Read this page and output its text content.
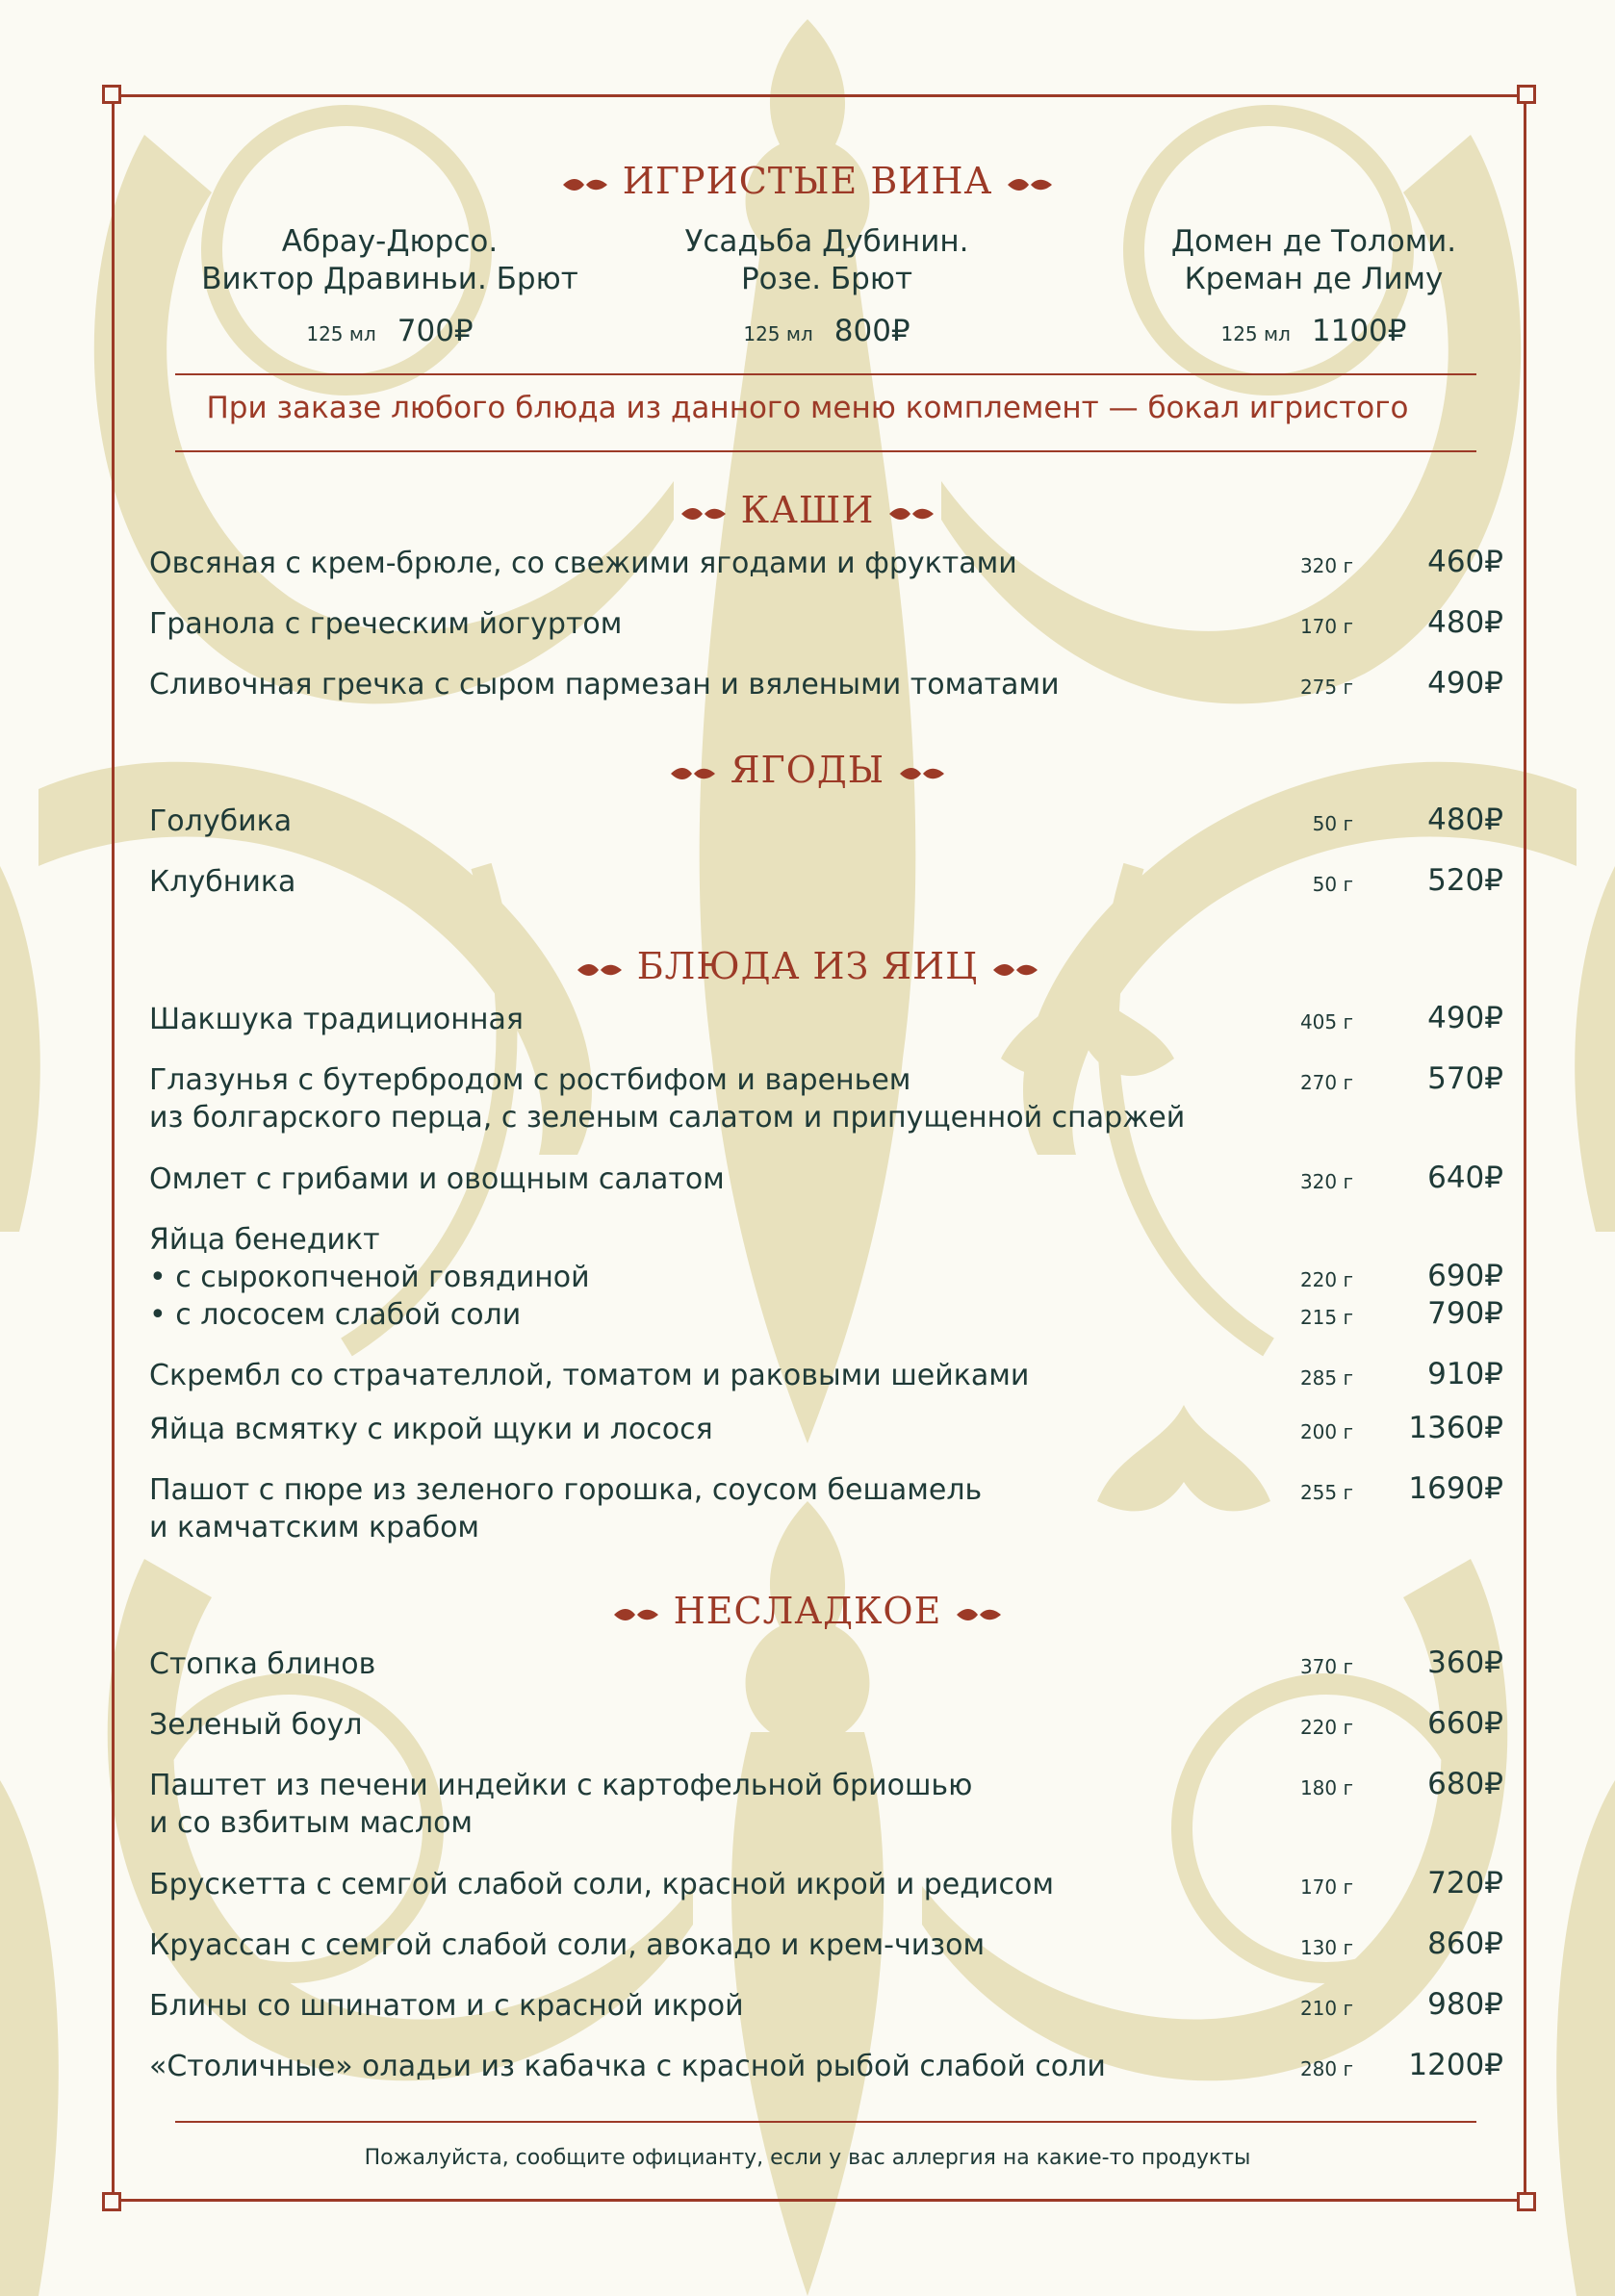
ИГРИСТЫЕ ВИНА
Абрау-Дюрсо.
Виктор Дравиньи. Брют
125 мл 700₽
Усадьба Дубинин.
Розе. Брют
125 мл 800₽
Домен де Толоми.
Креман де Лиму
125 мл 1100₽
При заказе любого блюда из данного меню комплемент — бокал игристого
КАШИ
Овсяная с крем-брюле, со свежими ягодами и фруктами	320 г	460₽
Гранола с греческим йогуртом	170 г	480₽
Сливочная гречка с сыром пармезан и вялеными томатами	275 г	490₽
ЯГОДЫ
Голубика	50 г	480₽
Клубника	50 г	520₽
БЛЮДА ИЗ ЯИЦ
Шакшука традиционная	405 г	490₽
Глазунья с бутербродом с ростбифом и вареньем
из болгарского перца, с зеленым салатом и припущенной спаржей
270 г	570₽
Омлет с грибами и овощным салатом	320 г	640₽
Яйца бенедикт
• с сырокопченой говядиной	220 г	690₽
• с лососем слабой соли	215 г	790₽
Скрембл со страчателлой, томатом и раковыми шейками	285 г	910₽
Яйца всмятку с икрой щуки и лосося	200 г	1360₽
Пашот с пюре из зеленого горошка, соусом бешамель
и камчатским крабом
255 г	1690₽
НЕСЛАДКОЕ
Стопка блинов	370 г	360₽
Зеленый боул	220 г	660₽
Паштет из печени индейки с картофельной бриошью
и со взбитым маслом
180 г	680₽
Брускетта с семгой слабой соли, красной икрой и редисом	170 г	720₽
Круассан с семгой слабой соли, авокадо и крем-чизом	130 г	860₽
Блины со шпинатом и с красной икрой	210 г	980₽
«Столичные» оладьи из кабачка с красной рыбой слабой соли	280 г	1200₽
Пожалуйста, сообщите официанту, если у вас аллергия на какие-то продукты
